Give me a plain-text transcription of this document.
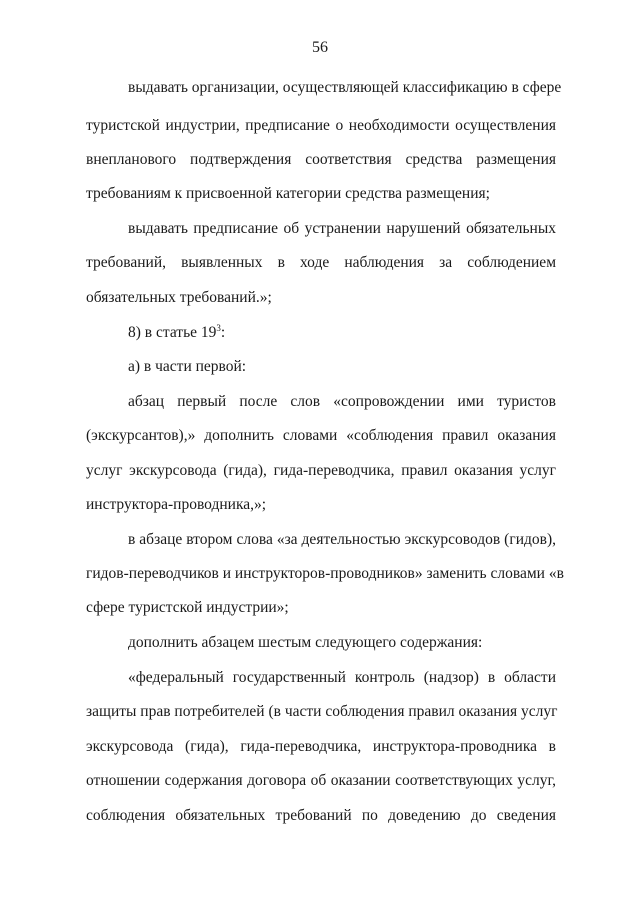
56
выдавать организации, осуществляющей классификацию в сфере
туристской индустрии, предписание о необходимости осуществления
внепланового подтверждения соответствия средства размещения
требованиям к присвоенной категории средства размещения;
выдавать предписание об устранении нарушений обязательных
требований, выявленных в ходе наблюдения за соблюдением
обязательных требований.»;
8) в статье $19^3$:
а) в части первой:
абзац первый после слов «сопровождении ими туристов
(экскурсантов),» дополнить словами «соблюдения правил оказания
услуг экскурсовода (гида), гида-переводчика, правил оказания услуг
инструктора-проводника,»;
в абзаце втором слова «за деятельностью экскурсоводов (гидов),
гидов-переводчиков и инструкторов-проводников» заменить словами «в
сфере туристской индустрии»;
дополнить абзацем шестым следующего содержания:
«федеральный государственный контроль (надзор) в области
защиты прав потребителей (в части соблюдения правил оказания услуг
экскурсовода (гида), гида-переводчика, инструктора-проводника в
отношении содержания договора об оказании соответствующих услуг,
соблюдения обязательных требований по доведению до сведения
